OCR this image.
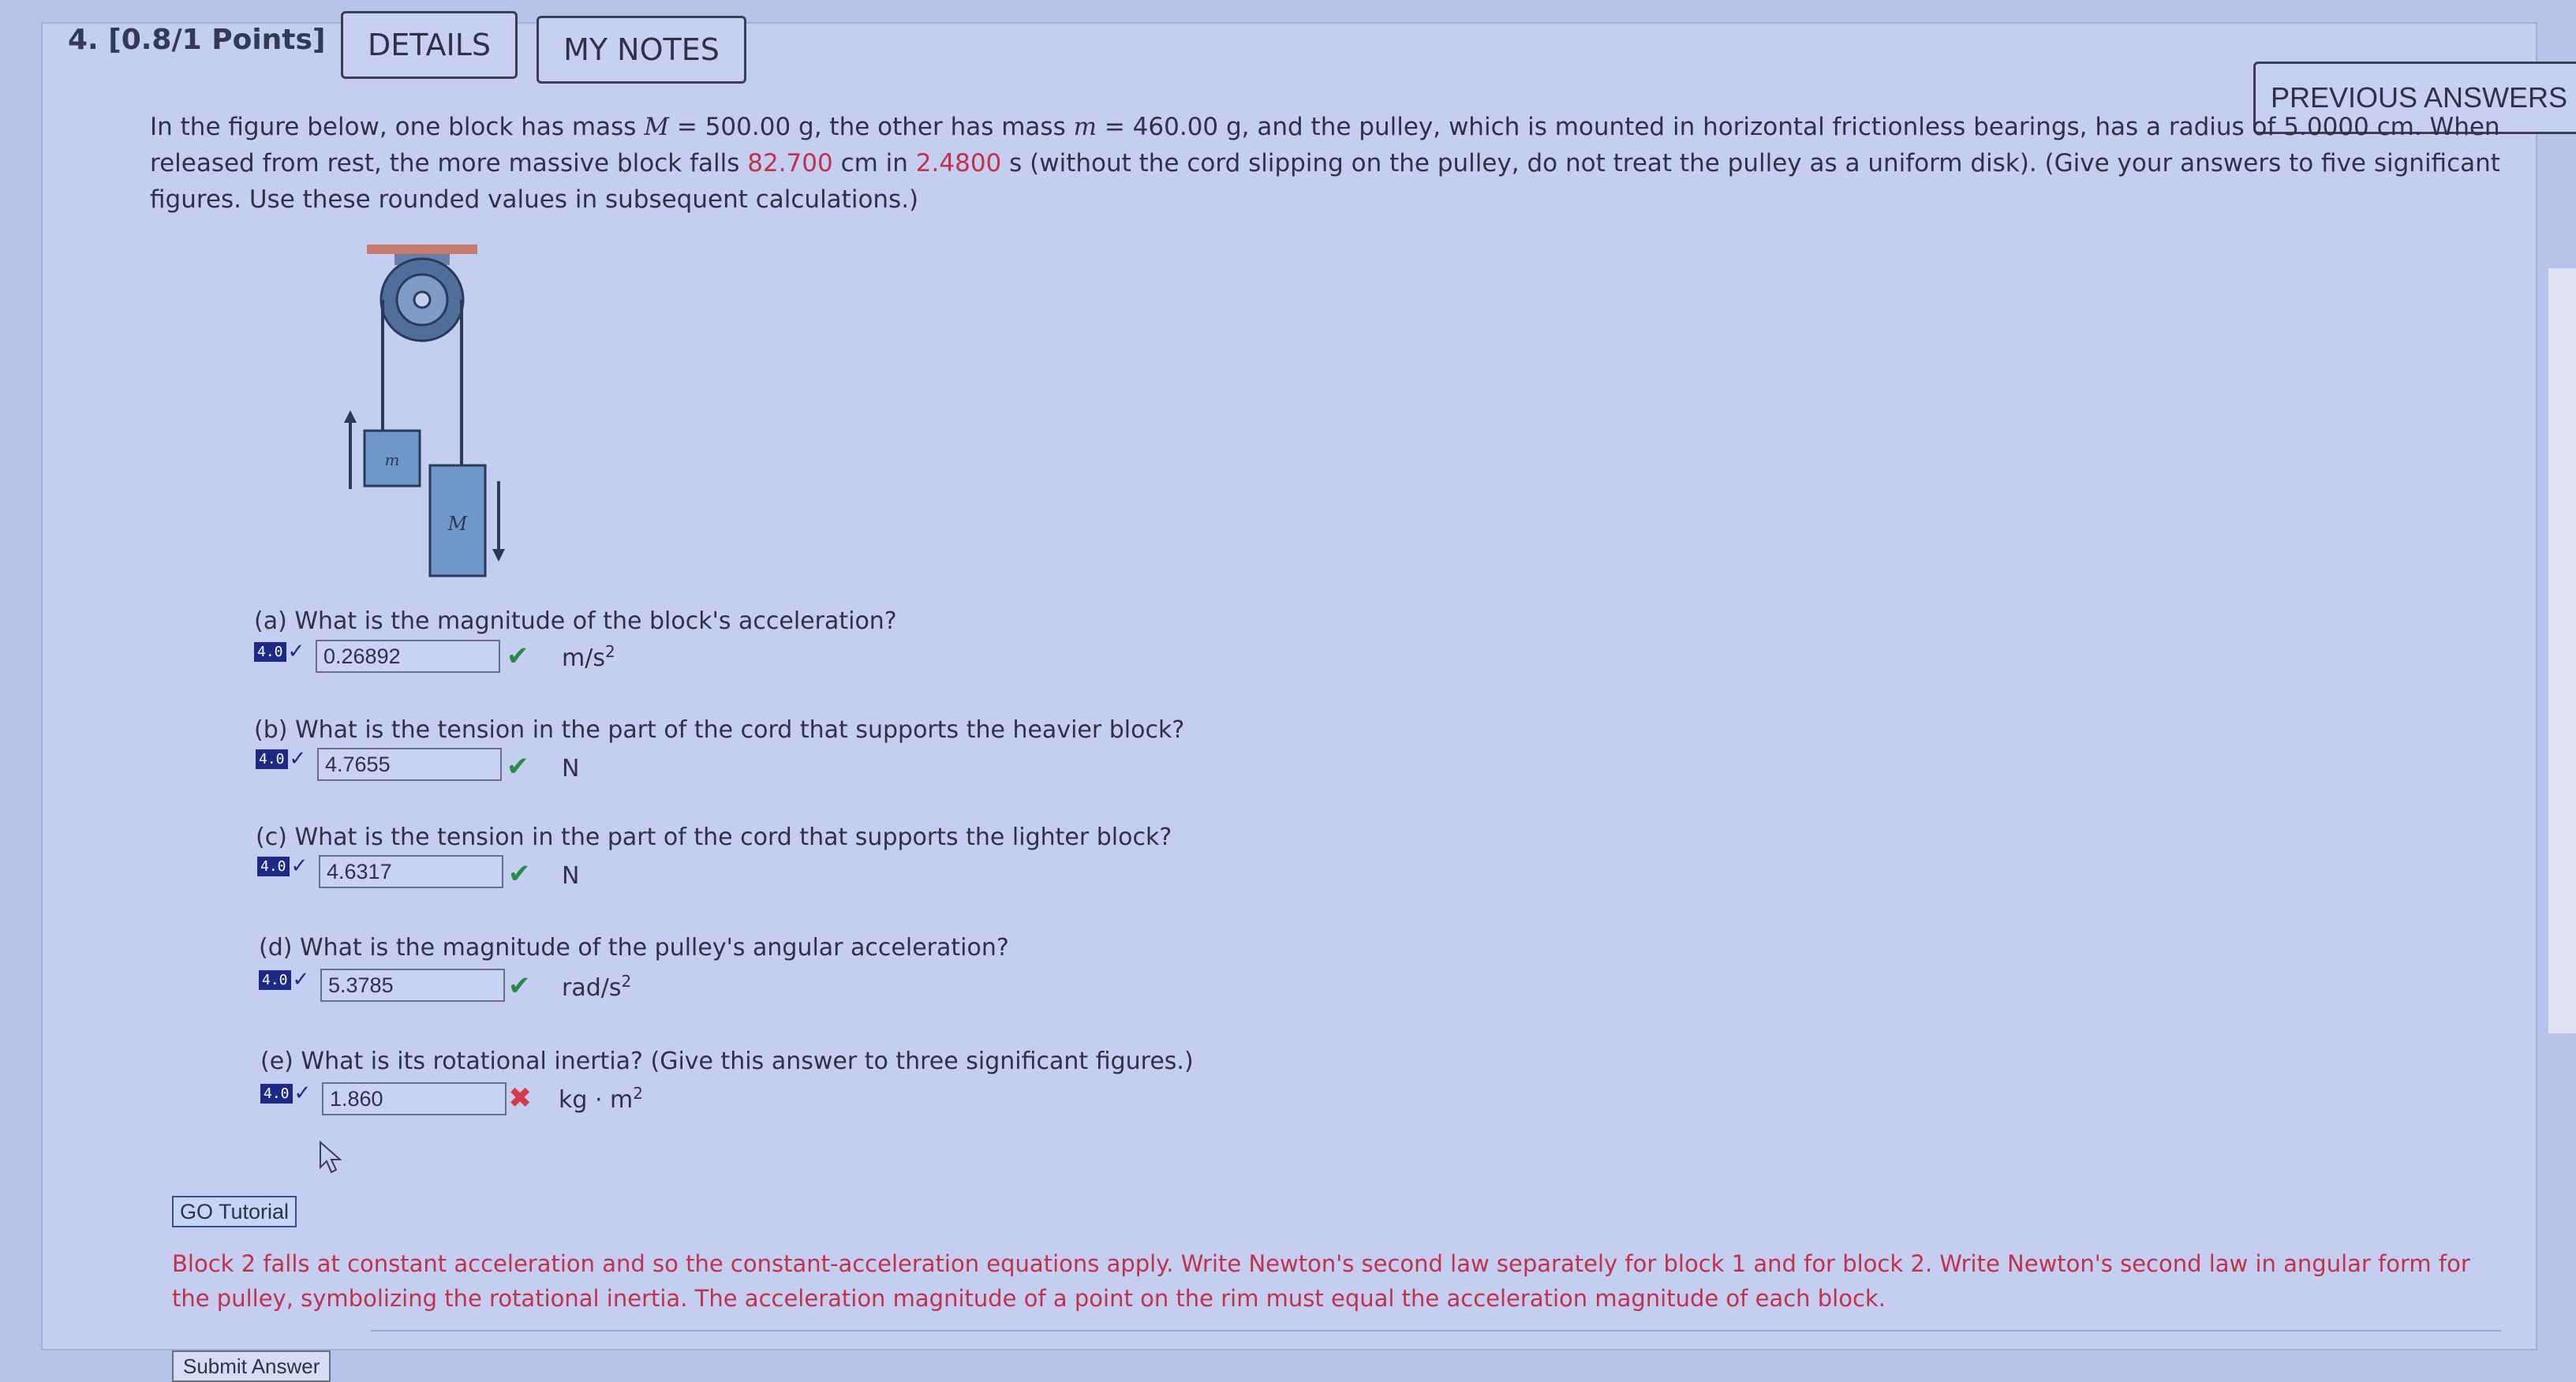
4. [0.8/1 Points]	DETAILS	MY NOTES
PREVIOUS ANSWERS
In the figure below, one block has mass M = 500.00 g, the other has mass m = 460.00 g, and the pulley, which is mounted in horizontal frictionless bearings, has a radius of 5.0000 cm. When released from rest, the more massive block falls 82.700 cm in 2.4800 s (without the cord slipping on the pulley, do not treat the pulley as a uniform disk). (Give your answers to five significant figures. Use these rounded values in subsequent calculations.)
m
M
(a) What is the magnitude of the block's acceleration?
4.0 ✓ 0.26892	✔ $m/s^2$
(b) What is the tension in the part of the cord that supports the heavier block?
4.0 ✓ 4.7655	✔ N
(c) What is the tension in the part of the cord that supports the lighter block?
4.0 ✓ 4.6317	✔ N
(d) What is the magnitude of the pulley's angular acceleration?
4.0 ✓ 5.3785	✔ rad/$s^2$
(e) What is its rotational inertia? (Give this answer to three significant figures.)
4.0 ✓ 1.860	✖ kg · $m^2$
GO Tutorial
Block 2 falls at constant acceleration and so the constant-acceleration equations apply. Write Newton's second law separately for block 1 and for block 2. Write Newton's second law in angular form for the pulley, symbolizing the rotational inertia. The acceleration magnitude of a point on the rim must equal the acceleration magnitude of each block.
Submit Answer
